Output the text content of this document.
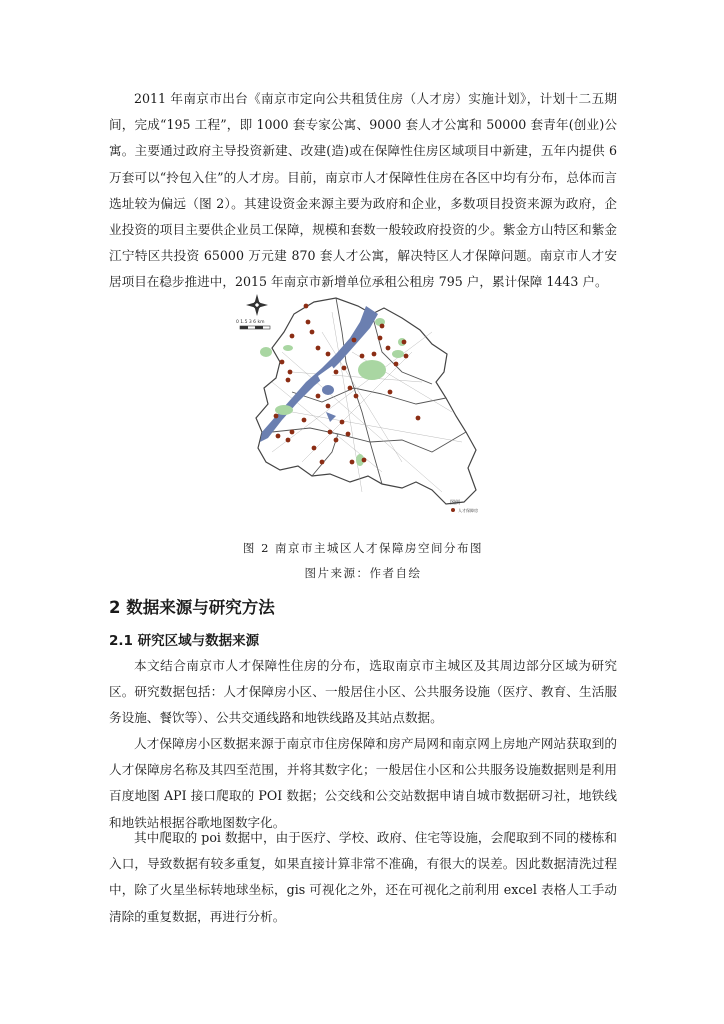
2011 年南京市出台《南京市定向公共租赁住房（人才房）实施计划》，计划十二五期间，完成“195 工程”，即 1000 套专家公寓、9000 套人才公寓和 50000 套青年(创业)公寓。主要通过政府主导投资新建、改建(造)或在保障性住房区域项目中新建，五年内提供 6 万套可以“拎包入住”的人才房。目前，南京市人才保障性住房在各区中均有分布，总体而言选址较为偏远（图 2）。其建设资金来源主要为政府和企业，多数项目投资来源为政府，企业投资的项目主要供企业员工保障，规模和套数一般较政府投资的少。紫金方山特区和紫金江宁特区共投资 65000 万元建 870 套人才公寓，解决特区人才保障问题。南京市人才安居项目在稳步推进中，2015 年南京市新增单位承租公租房 795 户，累计保障 1443 户。

0 1.5 3 6 km
图例
人才保障房

图 2 南京市主城区人才保障房空间分布图

图片来源：作者自绘

2 数据来源与研究方法
2.1 研究区域与数据来源

本文结合南京市人才保障性住房的分布，选取南京市主城区及其周边部分区域为研究区。研究数据包括：人才保障房小区、一般居住小区、公共服务设施（医疗、教育、生活服务设施、餐饮等）、公共交通线路和地铁线路及其站点数据。

人才保障房小区数据来源于南京市住房保障和房产局网和南京网上房地产网站获取到的人才保障房名称及其四至范围，并将其数字化；一般居住小区和公共服务设施数据则是利用百度地图 API 接口爬取的 POI 数据；公交线和公交站数据申请自城市数据研习社，地铁线和地铁站根据谷歌地图数字化。

其中爬取的 poi 数据中，由于医疗、学校、政府、住宅等设施，会爬取到不同的楼栋和入口，导致数据有较多重复，如果直接计算非常不准确，有很大的误差。因此数据清洗过程中，除了火星坐标转地球坐标，gis 可视化之外，还在可视化之前利用 excel 表格人工手动清除的重复数据，再进行分析。
